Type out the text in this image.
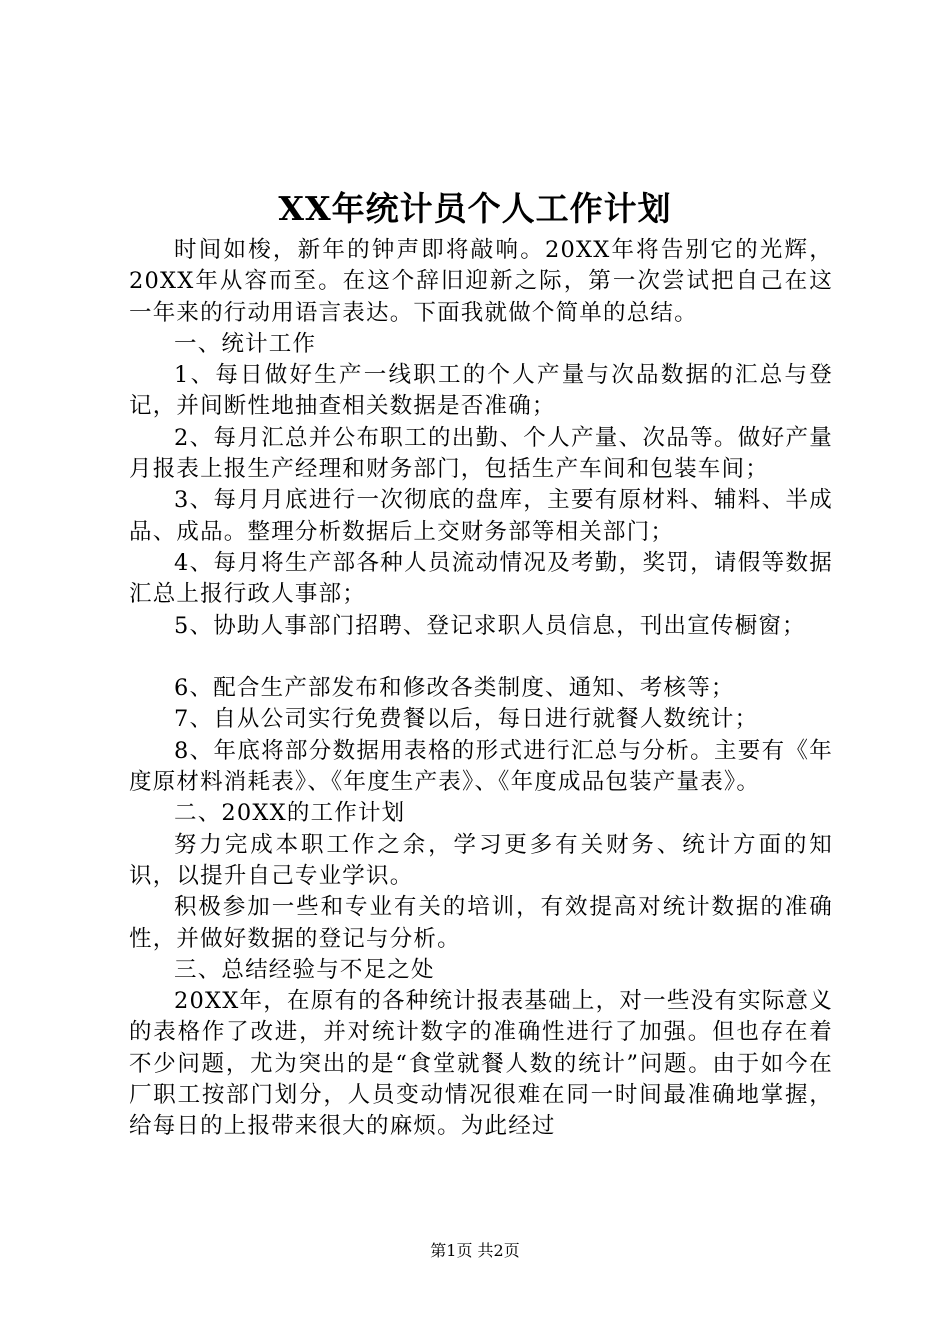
XX年统计员个人工作计划

时间如梭，新年的钟声即将敲响。20XX年将告别它的光辉，20XX年从容而至。在这个辞旧迎新之际，第一次尝试把自己在这一年来的行动用语言表达。下面我就做个简单的总结。

一、统计工作

1、每日做好生产一线职工的个人产量与次品数据的汇总与登记，并间断性地抽查相关数据是否准确；

2、每月汇总并公布职工的出勤、个人产量、次品等。做好产量月报表上报生产经理和财务部门，包括生产车间和包装车间；

3、每月月底进行一次彻底的盘库，主要有原材料、辅料、半成品、成品。整理分析数据后上交财务部等相关部门；

4、每月将生产部各种人员流动情况及考勤，奖罚，请假等数据汇总上报行政人事部；

5、协助人事部门招聘、登记求职人员信息，刊出宣传橱窗；

6、配合生产部发布和修改各类制度、通知、考核等；

7、自从公司实行免费餐以后，每日进行就餐人数统计；

8、年底将部分数据用表格的形式进行汇总与分析。主要有《年度原材料消耗表》、《年度生产表》、《年度成品包装产量表》。

二、20XX的工作计划

努力完成本职工作之余，学习更多有关财务、统计方面的知识，以提升自己专业学识。

积极参加一些和专业有关的培训，有效提高对统计数据的准确性，并做好数据的登记与分析。

三、总结经验与不足之处

20XX年，在原有的各种统计报表基础上，对一些没有实际意义的表格作了改进，并对统计数字的准确性进行了加强。但也存在着不少问题，尤为突出的是“食堂就餐人数的统计”问题。由于如今在厂职工按部门划分，人员变动情况很难在同一时间最准确地掌握，给每日的上报带来很大的麻烦。为此经过

第1页 共2页
